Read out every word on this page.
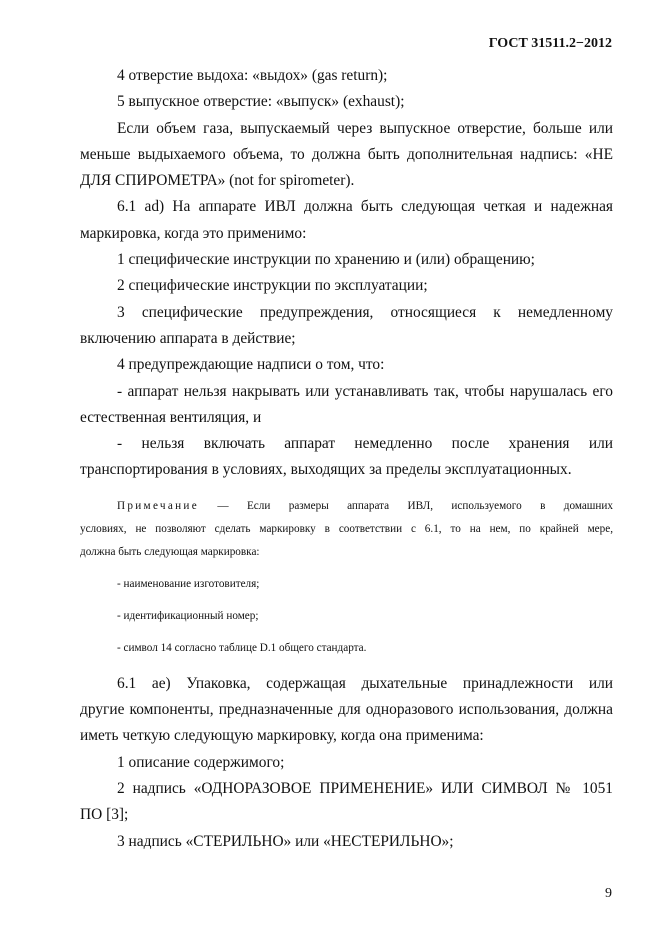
ГОСТ 31511.2−2012

4 отверстие выдоха: «выдох» (gas return);

5 выпускное отверстие: «выпуск» (exhaust);

Если объем газа, выпускаемый через выпускное отверстие, больше или

меньше выдыхаемого объема, то должна быть дополнительная надпись: «НЕ

ДЛЯ СПИРОМЕТРА» (not for spirometer).

6.1 ad) На аппарате ИВЛ должна быть следующая четкая и надежная

маркировка, когда это применимо:

1 специфические инструкции по хранению и (или) обращению;

2 специфические инструкции по эксплуатации;

3 специфические предупреждения, относящиеся к немедленному

включению аппарата в действие;

4 предупреждающие надписи о том, что:

- аппарат нельзя накрывать или устанавливать так, чтобы нарушалась его

естественная вентиляция, и

- нельзя включать аппарат немедленно после хранения или

транспортирования в условиях, выходящих за пределы эксплуатационных.

Примечание — Если размеры аппарата ИВЛ, используемого в домашних

условиях, не позволяют сделать маркировку в соответствии с 6.1, то на нем, по крайней мере,

должна быть следующая маркировка:

- наименование изготовителя;

- идентификационный номер;

- символ 14 согласно таблице D.1 общего стандарта.

6.1 ae) Упаковка, содержащая дыхательные принадлежности или

другие компоненты, предназначенные для одноразового использования, должна

иметь четкую следующую маркировку, когда она применима:

1 описание содержимого;

2 надпись «ОДНОРАЗОВОЕ ПРИМЕНЕНИЕ» ИЛИ СИМВОЛ № 1051

ПО [3];

3 надпись «СТЕРИЛЬНО» или «НЕСТЕРИЛЬНО»;

9
